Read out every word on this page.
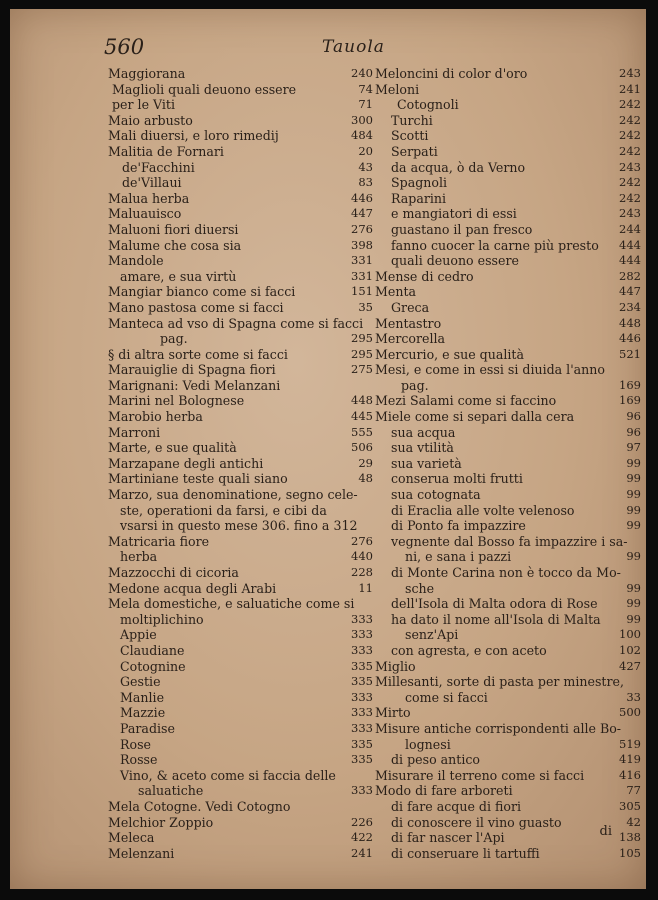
560	Tauola
Maggiorana	240
Maglioli quali deuono essere	74
per le Viti	71
Maio arbusto	300
Mali diuersi, e loro rimedij	484
Malitia de Fornari	20
de'Facchini	43
de'Villaui	83
Malua herba	446
Maluauisco	447
Maluoni fiori diuersi	276
Malume che cosa sia	398
Mandole	331
amare, e sua virtù	331
Mangiar bianco come si facci	151
Mano pastosa come si facci	35
Manteca ad vso di Spagna come si facci
pag.	295
§ di altra sorte come si facci	295
Marauiglie di Spagna fiori	275
Marignani: Vedi Melanzani
Marini nel Bolognese	448
Marobio herba	445
Marroni	555
Marte, e sue qualità	506
Marzapane degli antichi	29
Martiniane teste quali siano	48
Marzo, sua denominatione, segno cele-
ste, operationi da farsi, e cibi da
vsarsi in questo mese 306. fino a 312
Matricaria fiore	276
herba	440
Mazzocchi di cicoria	228
Medone acqua degli Arabi	11
Mela domestiche, e saluatiche come si
moltiplichino	333
Appie	333
Claudiane	333
Cotognine	335
Gestie	335
Manlie	333
Mazzie	333
Paradise	333
Rose	335
Rosse	335
Vino, & aceto come si faccia delle
saluatiche	333
Mela Cotogne. Vedi Cotogno
Melchior Zoppio	226
Meleca	422
Melenzani	241
Meloncini di color d'oro	243
Meloni	241
Cotognoli	242
Turchi	242
Scotti	242
Serpati	242
da acqua, ò da Verno	243
Spagnoli	242
Raparini	242
e mangiatori di essi	243
guastano il pan fresco	244
fanno cuocer la carne più presto 444
quali deuono essere	444
Mense di cedro	282
Menta	447
Greca	234
Mentastro	448
Mercorella	446
Mercurio, e sue qualità	521
Mesi, e come in essi si diuida l'anno
pag.	169
Mezi Salami come si faccino	169
Miele come si separi dalla cera	96
sua acqua	96
sua vtilità	97
sua varietà	99
conserua molti frutti	99
sua cotognata	99
di Eraclia alle volte velenoso	99
di Ponto fa impazzire	99
vegnente dal Bosso fa impazzire i sa-
ni, e sana i pazzi	99
di Monte Carina non è tocco da Mo-
sche	99
dell'Isola di Malta odora di Rose	99
ha dato il nome all'Isola di Malta 99
senz'Api	100
con agresta, e con aceto	102
Miglio	427
Millesanti, sorte di pasta per minestre,
come si facci	33
Mirto	500
Misure antiche corrispondenti alle Bo-
lognesi	519
di peso antico	419
Misurare il terreno come si facci	416
Modo di fare arboreti	77
di fare acque di fiori	305
di conoscere il vino guasto	42
di far nascer l'Api	138
di conseruare li tartuffi	105
di
